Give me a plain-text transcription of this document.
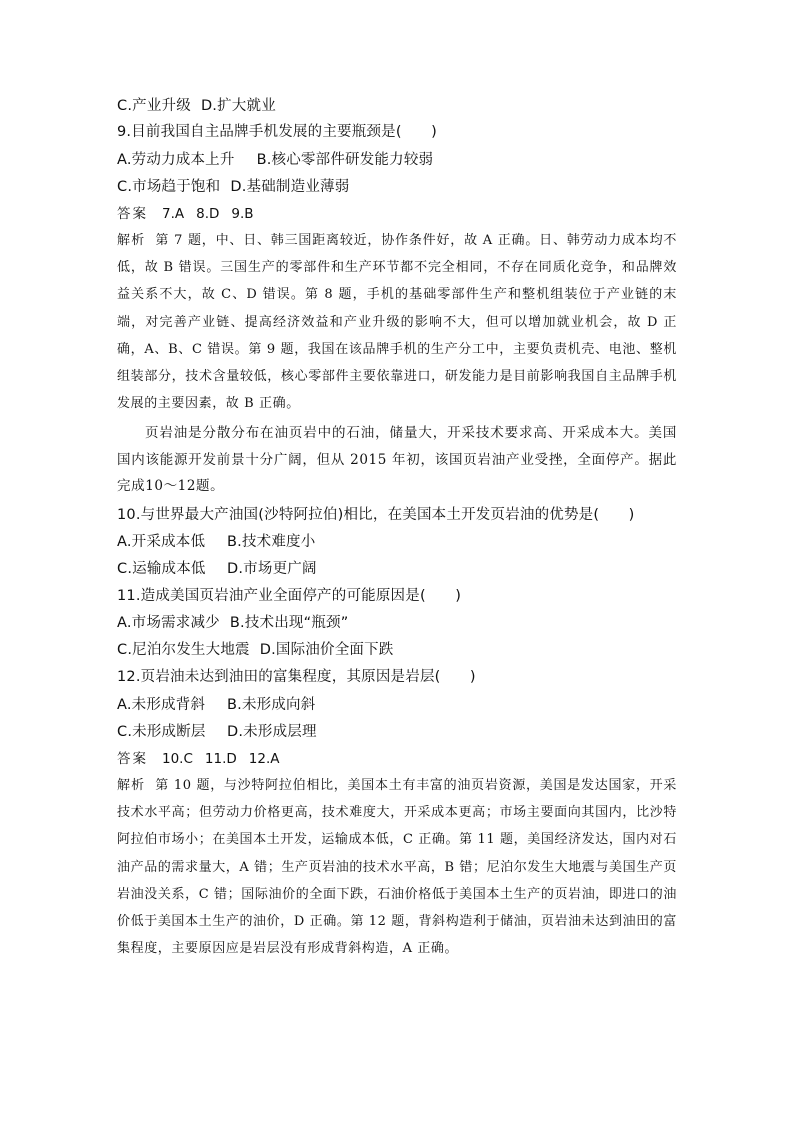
C.产业升级 D.扩大就业
9.目前我国自主品牌手机发展的主要瓶颈是(　　)
A.劳动力成本上升 B.核心零部件研发能力较弱
C.市场趋于饱和 D.基础制造业薄弱
答案 7.A 8.D 9.B

解析 第 7 题，中、日、韩三国距离较近，协作条件好，故 A 正确。日、韩劳动力成本均不低，故 B 错误。三国生产的零部件和生产环节都不完全相同，不存在同质化竞争，和品牌效益关系不大，故 C、D 错误。第 8 题，手机的基础零部件生产和整机组装位于产业链的末端，对完善产业链、提高经济效益和产业升级的影响不大，但可以增加就业机会，故 D 正确，A、B、C 错误。第 9 题，我国在该品牌手机的生产分工中，主要负责机壳、电池、整机组装部分，技术含量较低，核心零部件主要依靠进口，研发能力是目前影响我国自主品牌手机发展的主要因素，故 B 正确。

页岩油是分散分布在油页岩中的石油，储量大，开采技术要求高、开采成本大。美国国内该能源开发前景十分广阔，但从 2015 年初，该国页岩油产业受挫，全面停产。据此完成10～12题。

10.与世界最大产油国(沙特阿拉伯)相比，在美国本土开发页岩油的优势是(　　)
A.开采成本低 B.技术难度小
C.运输成本低 D.市场更广阔
11.造成美国页岩油产业全面停产的可能原因是(　　)
A.市场需求减少 B.技术出现“瓶颈”
C.尼泊尔发生大地震 D.国际油价全面下跌
12.页岩油未达到油田的富集程度，其原因是岩层(　　)
A.未形成背斜 B.未形成向斜
C.未形成断层 D.未形成层理
答案 10.C 11.D 12.A

解析 第 10 题，与沙特阿拉伯相比，美国本土有丰富的油页岩资源，美国是发达国家，开采技术水平高；但劳动力价格更高，技术难度大，开采成本更高；市场主要面向其国内，比沙特阿拉伯市场小；在美国本土开发，运输成本低，C 正确。第 11 题，美国经济发达，国内对石油产品的需求量大，A 错；生产页岩油的技术水平高，B 错；尼泊尔发生大地震与美国生产页岩油没关系，C 错；国际油价的全面下跌，石油价格低于美国本土生产的页岩油，即进口的油价低于美国本土生产的油价，D 正确。第 12 题，背斜构造利于储油，页岩油未达到油田的富集程度，主要原因应是岩层没有形成背斜构造，A 正确。
